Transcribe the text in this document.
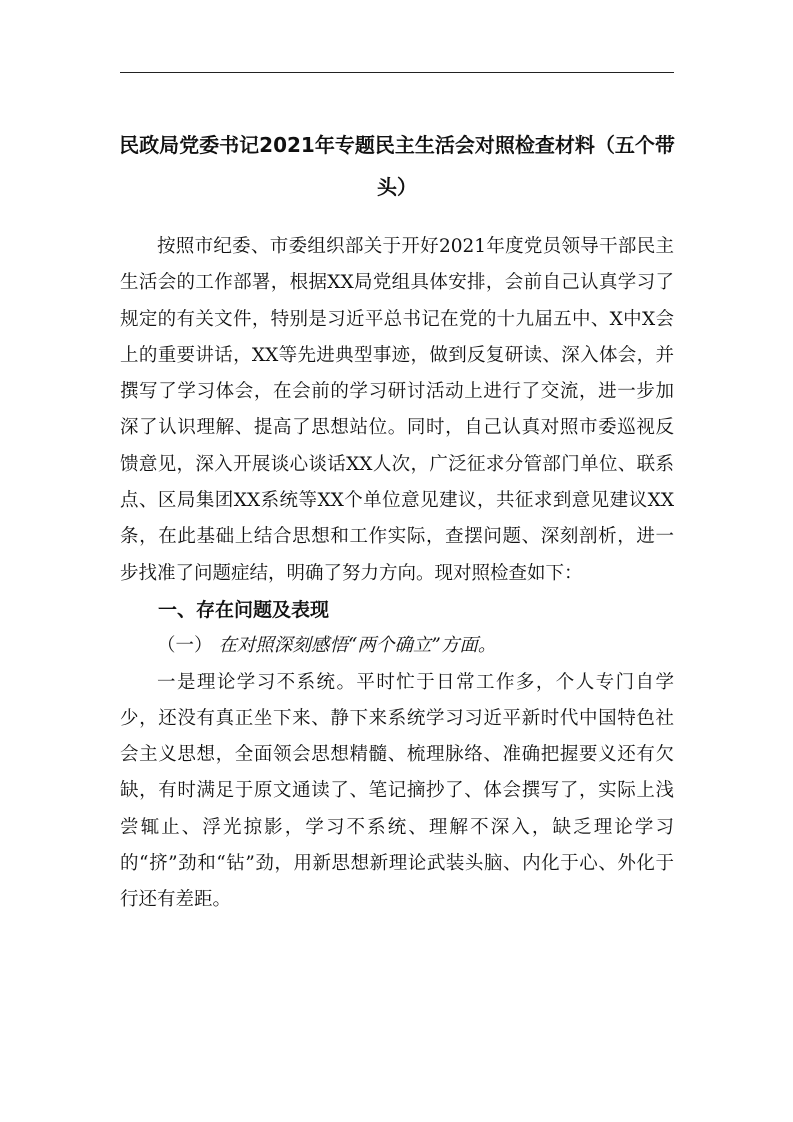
民政局党委书记2021年专题民主生活会对照检查材料（五个带头）

按照市纪委、市委组织部关于开好2021年度党员领导干部民主生活会的工作部署，根据XX局党组具体安排，会前自己认真学习了规定的有关文件，特别是习近平总书记在党的十九届五中、X中X会上的重要讲话，XX等先进典型事迹，做到反复研读、深入体会，并撰写了学习体会，在会前的学习研讨活动上进行了交流，进一步加深了认识理解、提高了思想站位。同时，自己认真对照市委巡视反馈意见，深入开展谈心谈话XX人次，广泛征求分管部门单位、联系点、区局集团XX系统等XX个单位意见建议，共征求到意见建议XX条，在此基础上结合思想和工作实际，查摆问题、深刻剖析，进一步找准了问题症结，明确了努力方向。现对照检查如下：

一、存在问题及表现

（一） 在对照深刻感悟“两个确立”方面。

一是理论学习不系统。平时忙于日常工作多，个人专门自学少，还没有真正坐下来、静下来系统学习习近平新时代中国特色社会主义思想，全面领会思想精髓、梳理脉络、准确把握要义还有欠缺，有时满足于原文通读了、笔记摘抄了、体会撰写了，实际上浅尝辄止、浮光掠影，学习不系统、理解不深入，缺乏理论学习的“挤”劲和“钻”劲，用新思想新理论武装头脑、内化于心、外化于行还有差距。
